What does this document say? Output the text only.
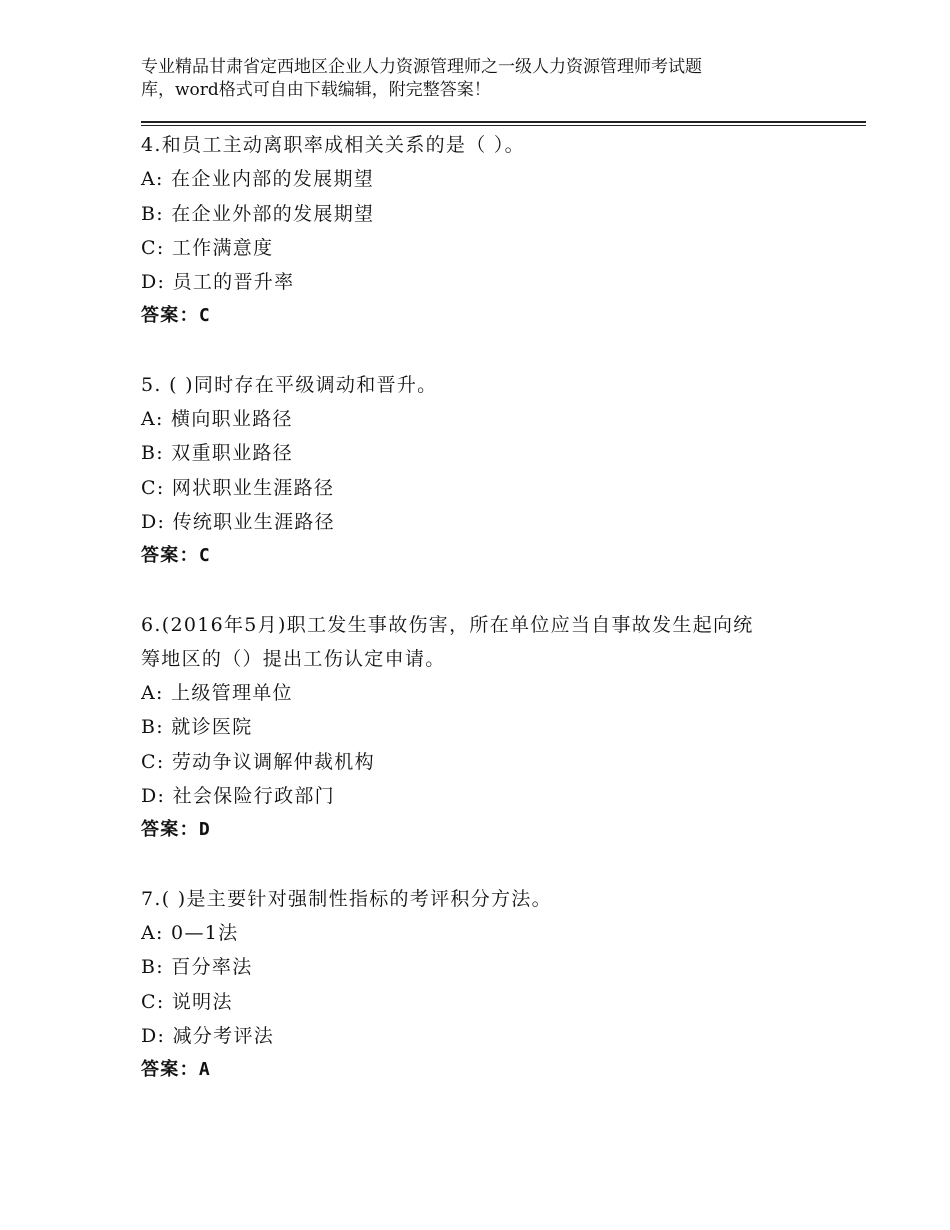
专业精品甘肃省定西地区企业人力资源管理师之一级人力资源管理师考试题
库，word格式可自由下载编辑，附完整答案！
4.和员工主动离职率成相关关系的是（ ）。
A: 在企业内部的发展期望
B: 在企业外部的发展期望
C: 工作满意度
D: 员工的晋升率
答案：C
5. ( )同时存在平级调动和晋升。
A: 横向职业路径
B: 双重职业路径
C: 网状职业生涯路径
D: 传统职业生涯路径
答案：C
6.(2016年5月)职工发生事故伤害，所在单位应当自事故发生起向统
筹地区的（）提出工伤认定申请。
A: 上级管理单位
B: 就诊医院
C: 劳动争议调解仲裁机构
D: 社会保险行政部门
答案：D
7.( )是主要针对强制性指标的考评积分方法。
A: 0—1法
B: 百分率法
C: 说明法
D: 减分考评法
答案：A
